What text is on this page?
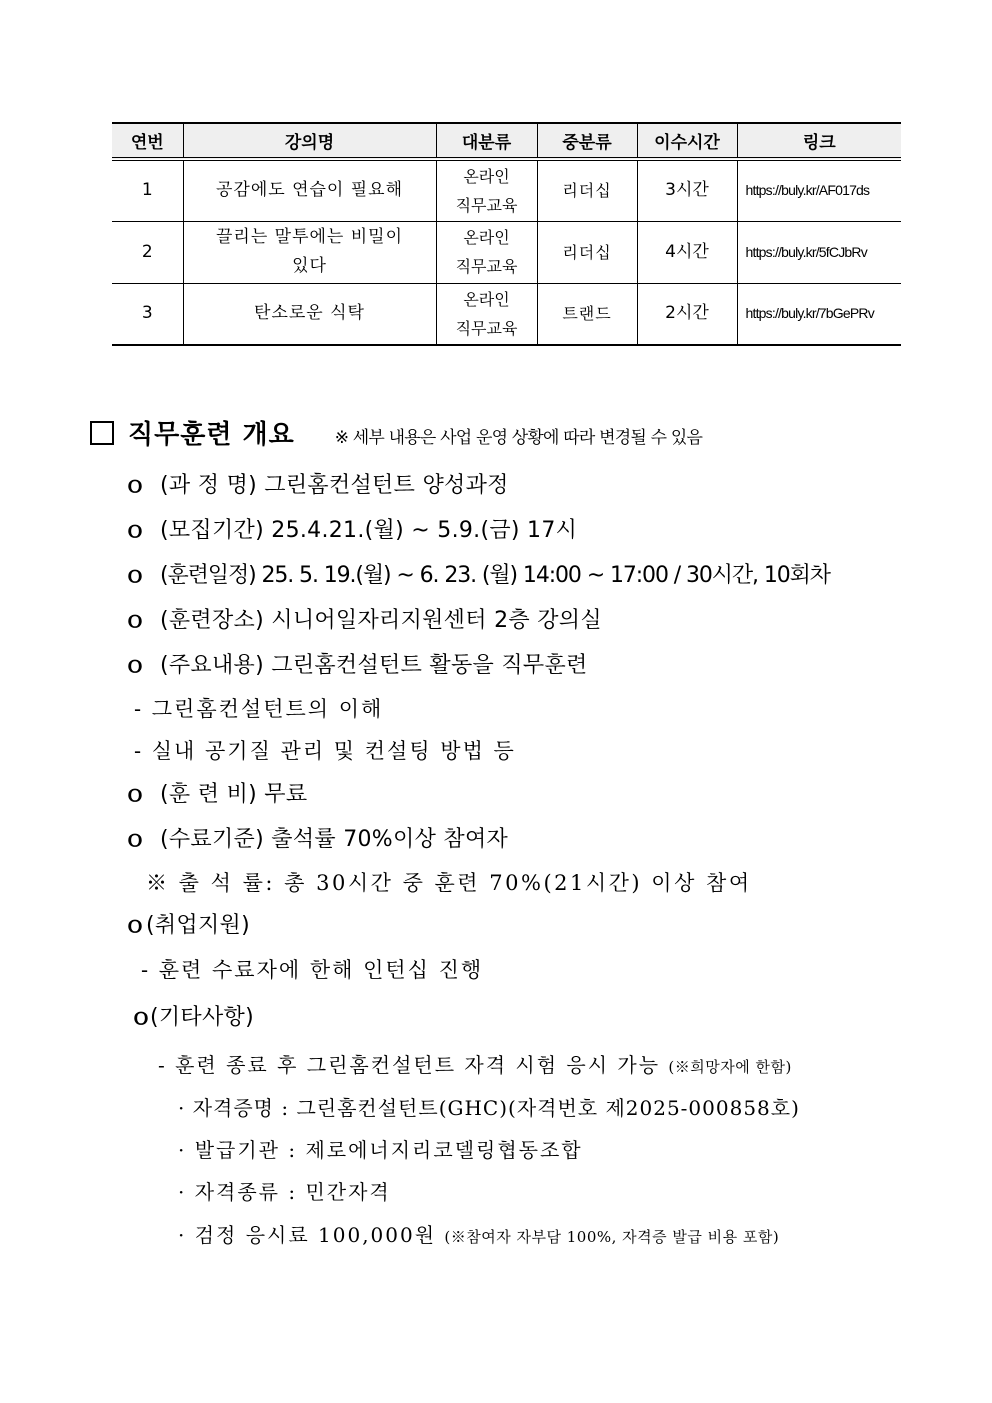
연번	강의명	대분류	중분류	이수시간	링크
1	공감에도 연습이 필요해	온라인 직무교육	리더십	3시간	https://buly.kr/AF017ds
2	끌리는 말투에는 비밀이 있다	온라인 직무교육	리더십	4시간	https://buly.kr/5fCJbRv
3	탄소로운 식탁	온라인 직무교육	트랜드	2시간	https://buly.kr/7bGePRv
직무훈련 개요 ※ 세부 내용은 사업 운영 상황에 따라 변경될 수 있음
ｏ (과 정 명) 그린홈컨설턴트 양성과정
ｏ (모집기간) 25.4.21.(월) ~ 5.9.(금) 17시
ｏ (훈련일정) 25. 5. 19.(월) ~ 6. 23. (월) 14:00 ~ 17:00 / 30시간, 10회차
ｏ (훈련장소) 시니어일자리지원센터 2층 강의실
ｏ (주요내용) 그린홈컨설턴트 활동을 직무훈련
- 그린홈컨설턴트의 이해
- 실내 공기질 관리 및 컨설팅 방법 등
ｏ (훈 련 비) 무료
ｏ (수료기준) 출석률 70%이상 참여자
※ 출 석 률: 총 30시간 중 훈련 70%(21시간) 이상 참여
ｏ(취업지원)
- 훈련 수료자에 한해 인턴십 진행
ｏ(기타사항)
- 훈련 종료 후 그린홈컨설턴트 자격 시험 응시 가능 (※희망자에 한함)
· 자격증명 : 그린홈컨설턴트(GHC)(자격번호 제2025-000858호)
· 발급기관 : 제로에너지리코델링협동조합
· 자격종류 : 민간자격
· 검정 응시료 100,000원 (※참여자 자부담 100%, 자격증 발급 비용 포함)
